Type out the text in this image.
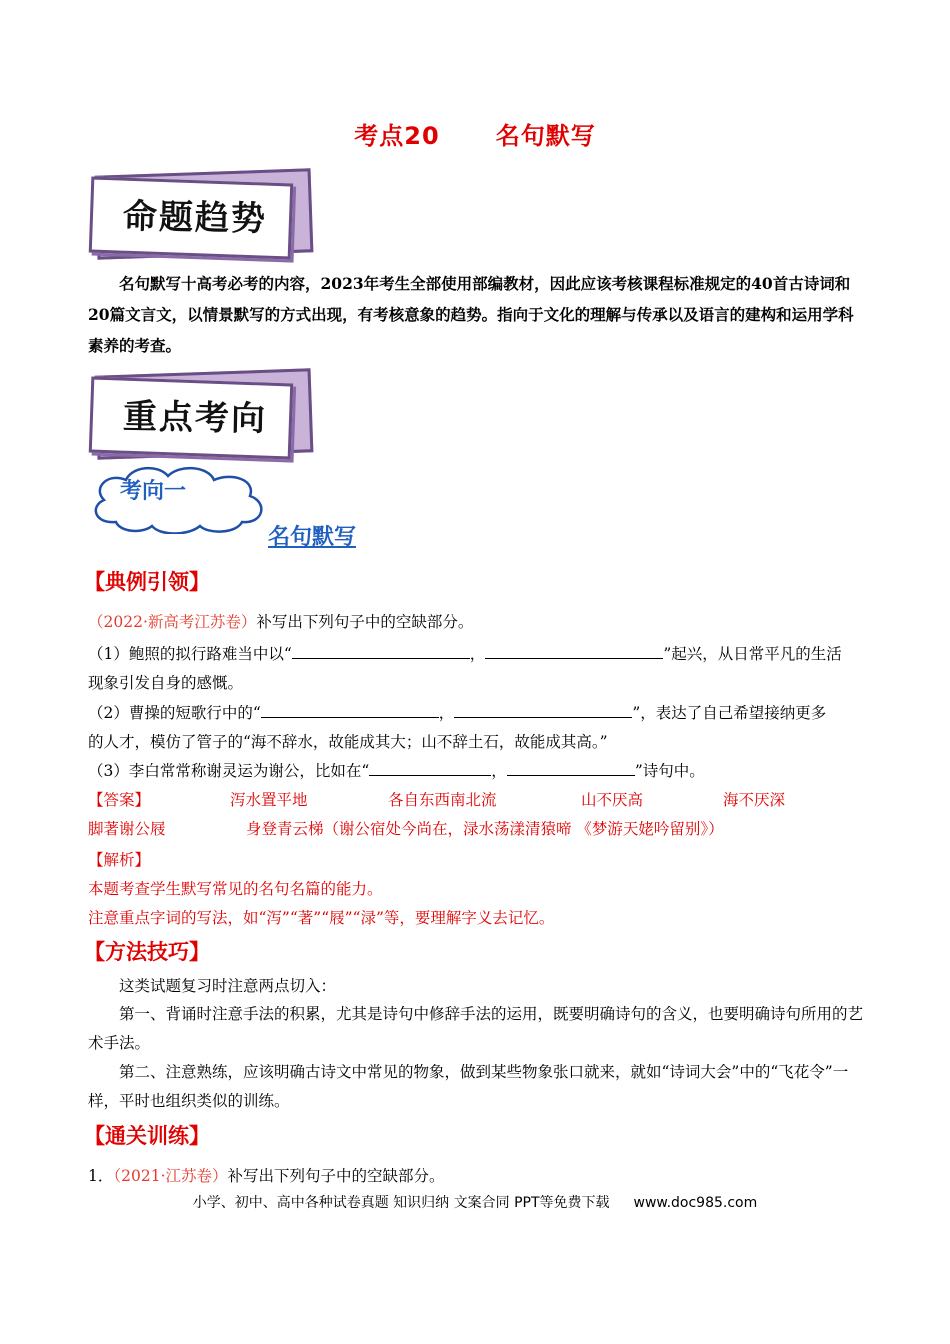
考点20 名句默写
命题趋势
名句默写十高考必考的内容，2023年考生全部使用部编教材，因此应该考核课程标准规定的40首古诗词和20篇文言文，以情景默写的方式出现，有考核意象的趋势。指向于文化的理解与传承以及语言的建构和运用学科素养的考查。
重点考向
考向一
名句默写
【典例引领】
（2022·新高考江苏卷）补写出下列句子中的空缺部分。
（1）鲍照的拟行路难当中以“	，	”起兴，从日常平凡的生活
现象引发自身的感慨。
（2）曹操的短歌行中的“	，	”，表达了自己希望接纳更多
的人才，模仿了管子的“海不辞水，故能成其大；山不辞土石，故能成其高。”
（3）李白常常称谢灵运为谢公，比如在“	，	”诗句中。
【答案】	泻水置平地	各自东西南北流	山不厌高	海不厌深
脚著谢公屐	身登青云梯（谢公宿处今尚在，渌水荡漾清猿啼 《梦游天姥吟留别》）
【解析】
本题考查学生默写常见的名句名篇的能力。
注意重点字词的写法，如“泻”“著”“屐”“渌”等，要理解字义去记忆。
【方法技巧】
这类试题复习时注意两点切入：
第一、背诵时注意手法的积累，尤其是诗句中修辞手法的运用，既要明确诗句的含义，也要明确诗句所用的艺术手法。
第二、注意熟练，应该明确古诗文中常见的物象，做到某些物象张口就来，就如“诗词大会”中的“飞花令”一样，平时也组织类似的训练。
【通关训练】
1．（2021·江苏卷）补写出下列句子中的空缺部分。
小学、初中、高中各种试卷真题 知识归纳 文案合同 PPT等免费下载 www.doc985.com
